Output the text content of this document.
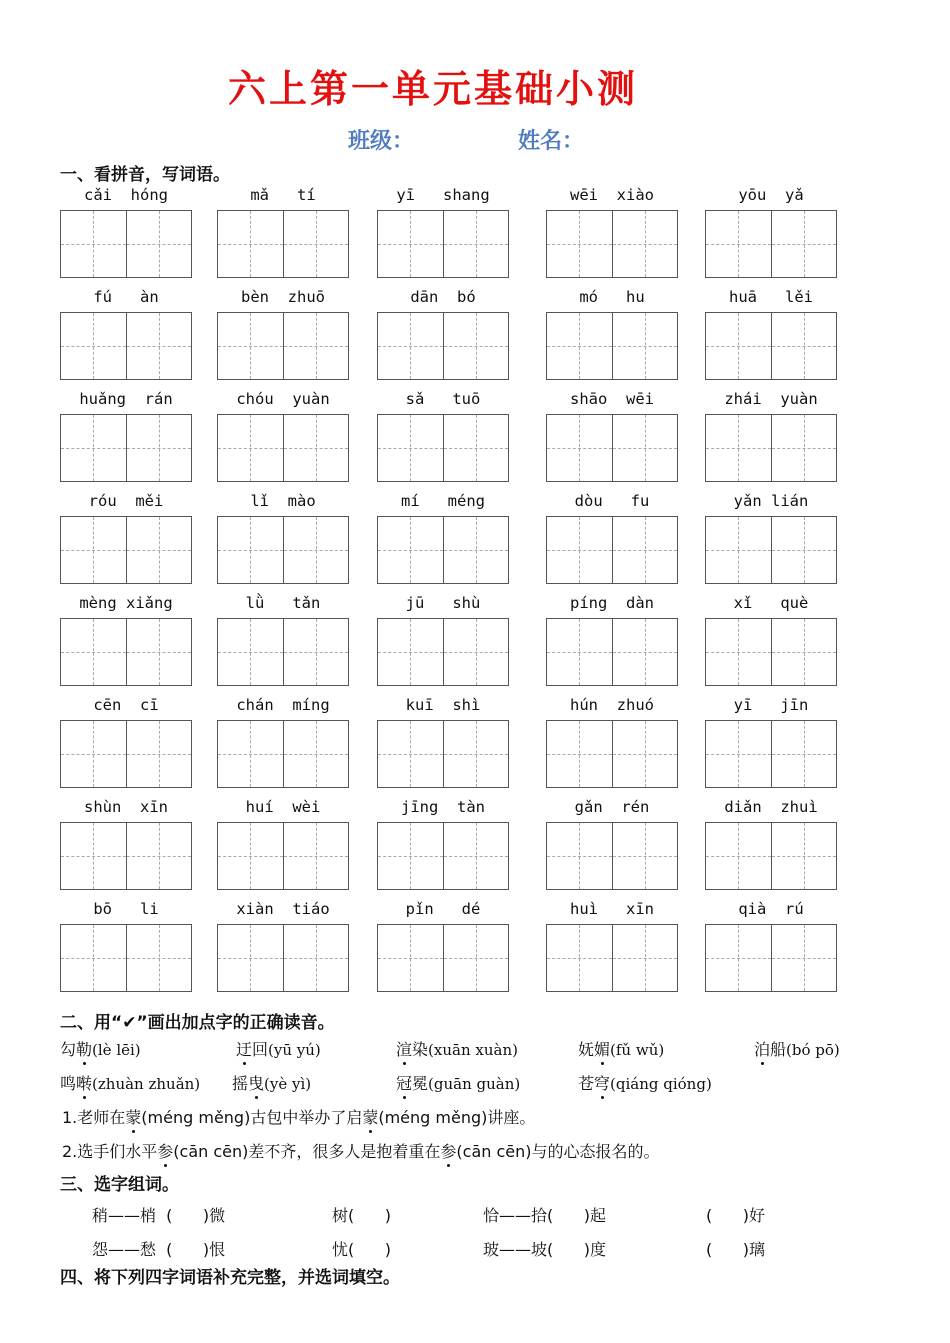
六上第一单元基础小测
班级：	姓名：
一、看拼音，写词语。
cǎi  hóng	mǎ   tí	yī   shang	wēi  xiào	yōu  yǎ
fú   àn	bèn  zhuō	dān  bó	mó   hu	huā   lěi
huǎng  rán	chóu  yuàn	sǎ   tuō	shāo  wēi	zhái  yuàn
róu  měi	lǐ  mào	mí   méng	dòu   fu	yǎn lián
mèng xiǎng	lǜ   tǎn	jū   shù	píng  dàn	xǐ   què
cēn  cī	chán  míng	kuī  shì	hún  zhuó	yī   jīn
shùn  xīn	huí  wèi	jīng  tàn	gǎn  rén	diǎn  zhuì
bō   li	xiàn  tiáo	pǐn   dé	huì   xīn	qià  rú
二、用“✔”画出加点字的正确读音。
勾勒(lè lēi)	迂回(yū yú)	渲染(xuān xuàn)	妩媚(fǔ wǔ)	泊船(bó pō)
鸣啭(zhuàn zhuǎn) 摇曳(yè yì)	冠冕(guān guàn)	苍穹(qiáng qióng)
1.老师在蒙(méng měng)古包中举办了启蒙(méng měng)讲座。
2.选手们水平参(cān cēn)差不齐，很多人是抱着重在参(cān cēn)与的心态报名的。
三、选字组词。
稍——梢  (      )微	树(      )	恰——拾(      )起	(      )好
怨——愁  (      )恨	忧(      )	玻——坡(      )度	(      )璃
四、将下列四字词语补充完整，并选词填空。
